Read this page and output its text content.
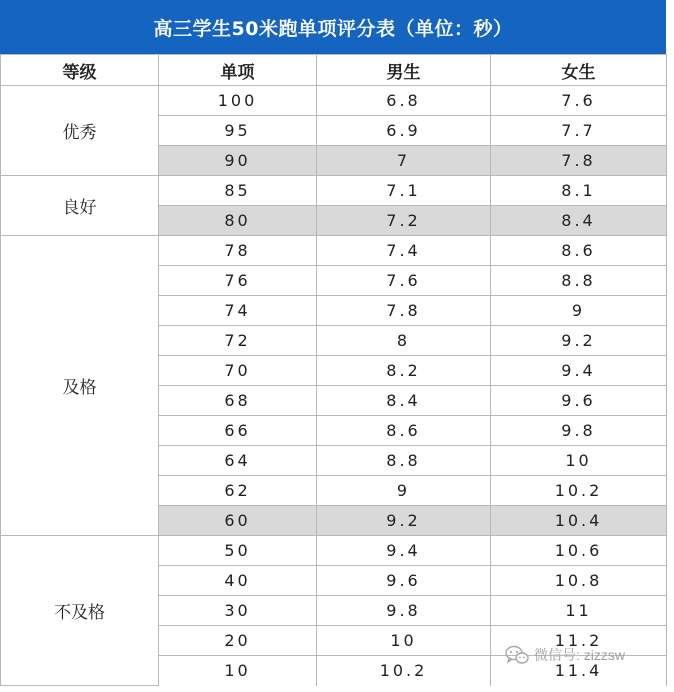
高三学生50米跑单项评分表（单位：秒）
等级	单项	男生	女生
优秀	100	6.8	7.6
	95	6.9	7.7
	90	7	7.8
良好	85	7.1	8.1
	80	7.2	8.4
及格	78	7.4	8.6
	76	7.6	8.8
	74	7.8	9
	72	8	9.2
	70	8.2	9.4
	68	8.4	9.6
	66	8.6	9.8
	64	8.8	10
	62	9	10.2
	60	9.2	10.4
不及格	50	9.4	10.6
	40	9.6	10.8
	30	9.8	11
	20	10	11.2
	10	10.2	11.4
微信号: zizzsw
